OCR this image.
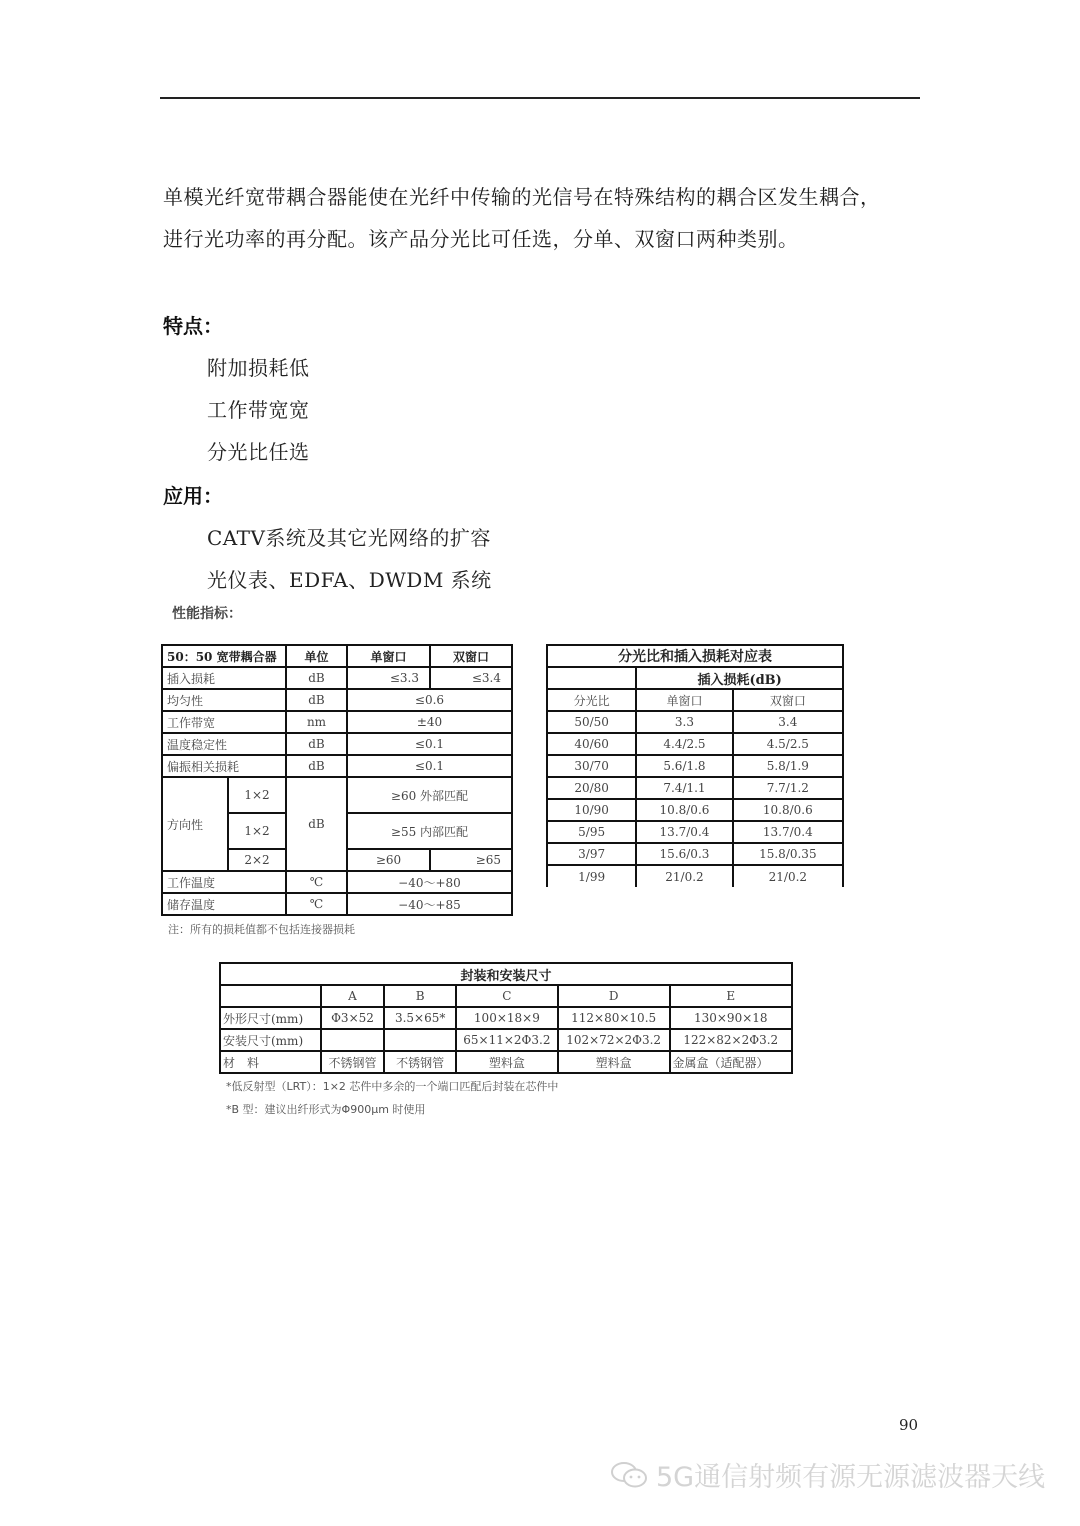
单模光纤宽带耦合器能使在光纤中传输的光信号在特殊结构的耦合区发生耦合，

进行光功率的再分配。该产品分光比可任选，分单、双窗口两种类别。

特点：
附加损耗低
工作带宽宽
分光比任选
应用：
CATV系统及其它光网络的扩容
光仪表、EDFA、DWDM 系统
性能指标：
50：50 宽带耦合器		单位	单窗口	双窗口
插入损耗		dB	≤3.3	≤3.4
均匀性		dB	≤0.6	
工作带宽		nm	±40	
温度稳定性		dB	≤0.1	
偏振相关损耗		dB	≤0.1	
方向性	1×2	dB	≥60 外部匹配	
	1×2		≥55 内部匹配	
	2×2		≥60	≥65
工作温度		℃	−40～+80	
储存温度		℃	−40～+85	
注：所有的损耗值都不包括连接器损耗
分光比和插入损耗对应表		
	插入损耗(dB)	
分光比	单窗口	双窗口
50/50	3.3	3.4
40/60	4.4/2.5	4.5/2.5
30/70	5.6/1.8	5.8/1.9
20/80	7.4/1.1	7.7/1.2
10/90	10.8/0.6	10.8/0.6
5/95	13.7/0.4	13.7/0.4
3/97	15.6/0.3	15.8/0.35
1/99	21/0.2	21/0.2
封装和安装尺寸					
	A	B	C	D	E
外形尺寸(mm)	Φ3×52	3.5×65*	100×18×9	112×80×10.5	130×90×18
安装尺寸(mm)			65×11×2Φ3.2	102×72×2Φ3.2	122×82×2Φ3.2
材　料	不锈钢管	不锈钢管	塑料盒	塑料盒	金属盒（适配器）
*低反射型（LRT）：1×2 芯件中多余的一个端口匹配后封装在芯件中
*B 型：建议出纤形式为Φ900μm 时使用
90
5G通信射频有源无源滤波器天线
